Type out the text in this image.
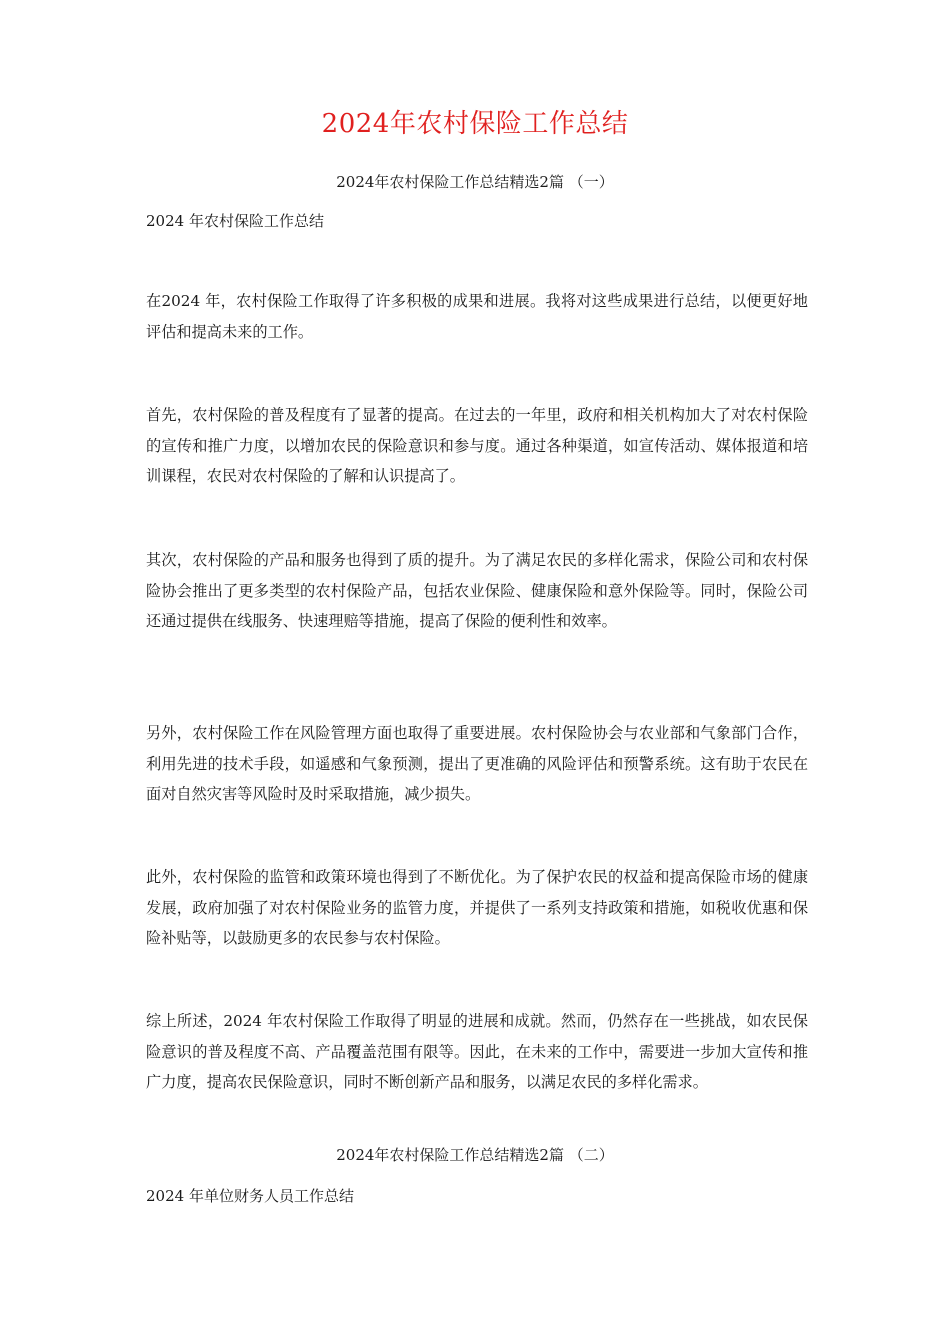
2024年农村保险工作总结
2024年农村保险工作总结精选2篇 （一）
2024 年农村保险工作总结
在2024 年，农村保险工作取得了许多积极的成果和进展。我将对这些成果进行总结，以便更好地评估和提高未来的工作。
首先，农村保险的普及程度有了显著的提高。在过去的一年里，政府和相关机构加大了对农村保险的宣传和推广力度，以增加农民的保险意识和参与度。通过各种渠道，如宣传活动、媒体报道和培训课程，农民对农村保险的了解和认识提高了。
其次，农村保险的产品和服务也得到了质的提升。为了满足农民的多样化需求，保险公司和农村保险协会推出了更多类型的农村保险产品，包括农业保险、健康保险和意外保险等。同时，保险公司还通过提供在线服务、快速理赔等措施，提高了保险的便利性和效率。
另外，农村保险工作在风险管理方面也取得了重要进展。农村保险协会与农业部和气象部门合作，利用先进的技术手段，如遥感和气象预测，提出了更准确的风险评估和预警系统。这有助于农民在面对自然灾害等风险时及时采取措施，减少损失。
此外，农村保险的监管和政策环境也得到了不断优化。为了保护农民的权益和提高保险市场的健康发展，政府加强了对农村保险业务的监管力度，并提供了一系列支持政策和措施，如税收优惠和保险补贴等，以鼓励更多的农民参与农村保险。
综上所述，2024 年农村保险工作取得了明显的进展和成就。然而，仍然存在一些挑战，如农民保险意识的普及程度不高、产品覆盖范围有限等。因此，在未来的工作中，需要进一步加大宣传和推广力度，提高农民保险意识，同时不断创新产品和服务，以满足农民的多样化需求。
2024年农村保险工作总结精选2篇 （二）
2024 年单位财务人员工作总结
